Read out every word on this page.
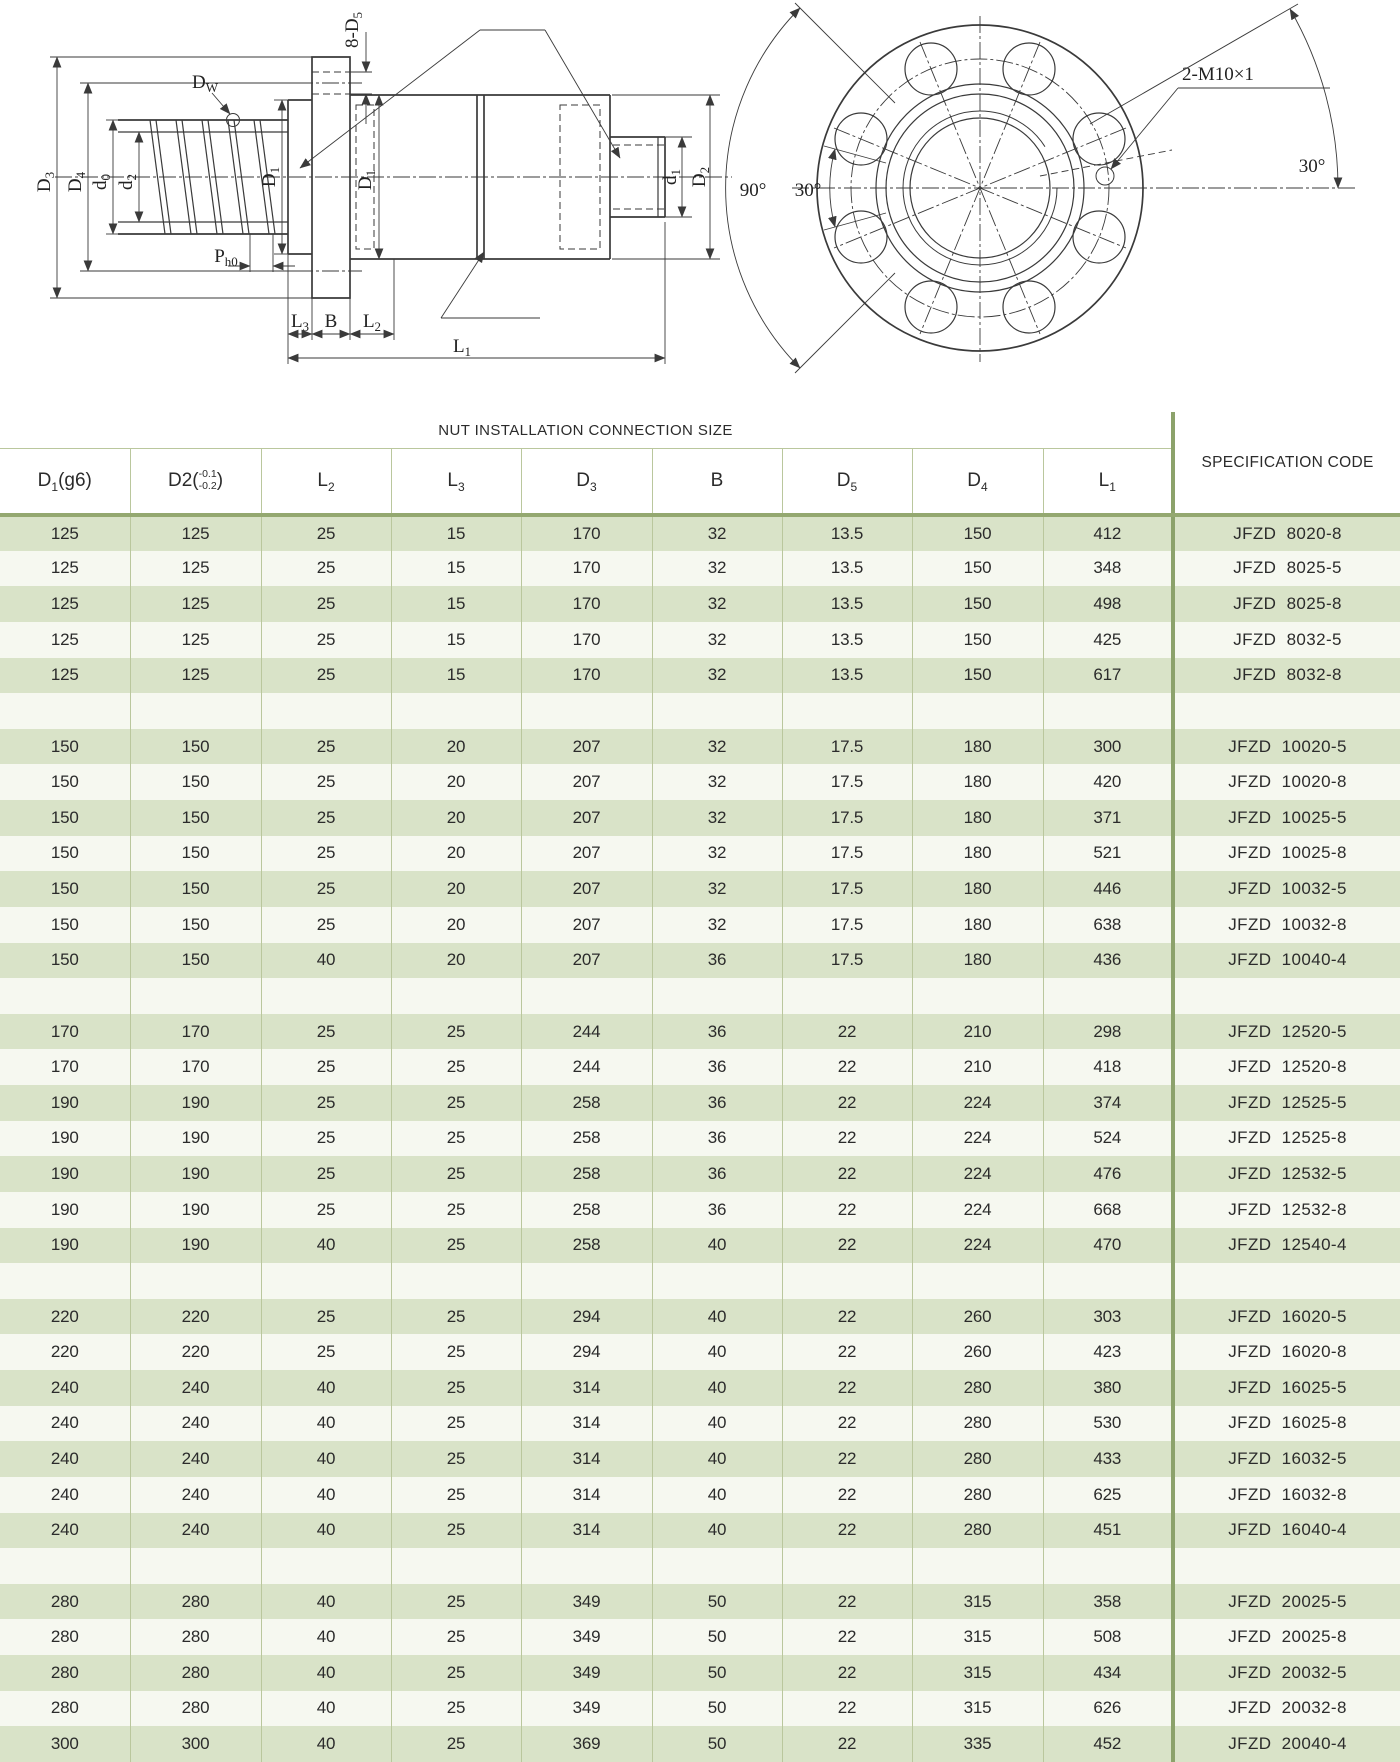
$D_W$
$8-D_5$
$D_3$
$D_4$
$d_0$
$d_2$	$D_1$
$D_1$
$P_{h0}$
$L_3$ B $L_2$
$L_1$
$d_1$
$D_2$
2-M10×1
30°
90° 30°
NUT INSTALLATION CONNECTION SIZE									SPECIFICATION CODE
$D_1(g6)$	D2( -0.1
-0.2 )	$L_2$	$L_3$	$D_3$	B	$D_5$	$D_4$	$L_1$
125	125	25	15	170	32	13.5	150	412	JFZD  8020-8
125	125	25	15	170	32	13.5	150	348	JFZD  8025-5
125	125	25	15	170	32	13.5	150	498	JFZD  8025-8
125	125	25	15	170	32	13.5	150	425	JFZD  8032-5
125	125	25	15	170	32	13.5	150	617	JFZD  8032-8

150	150	25	20	207	32	17.5	180	300	JFZD  10020-5
150	150	25	20	207	32	17.5	180	420	JFZD  10020-8
150	150	25	20	207	32	17.5	180	371	JFZD  10025-5
150	150	25	20	207	32	17.5	180	521	JFZD  10025-8
150	150	25	20	207	32	17.5	180	446	JFZD  10032-5
150	150	25	20	207	32	17.5	180	638	JFZD  10032-8
150	150	40	20	207	36	17.5	180	436	JFZD  10040-4

170	170	25	25	244	36	22	210	298	JFZD  12520-5
170	170	25	25	244	36	22	210	418	JFZD  12520-8
190	190	25	25	258	36	22	224	374	JFZD  12525-5
190	190	25	25	258	36	22	224	524	JFZD  12525-8
190	190	25	25	258	36	22	224	476	JFZD  12532-5
190	190	25	25	258	36	22	224	668	JFZD  12532-8
190	190	40	25	258	40	22	224	470	JFZD  12540-4

220	220	25	25	294	40	22	260	303	JFZD  16020-5
220	220	25	25	294	40	22	260	423	JFZD  16020-8
240	240	40	25	314	40	22	280	380	JFZD  16025-5
240	240	40	25	314	40	22	280	530	JFZD  16025-8
240	240	40	25	314	40	22	280	433	JFZD  16032-5
240	240	40	25	314	40	22	280	625	JFZD  16032-8
240	240	40	25	314	40	22	280	451	JFZD  16040-4

280	280	40	25	349	50	22	315	358	JFZD  20025-5
280	280	40	25	349	50	22	315	508	JFZD  20025-8
280	280	40	25	349	50	22	315	434	JFZD  20032-5
280	280	40	25	349	50	22	315	626	JFZD  20032-8
300	300	40	25	369	50	22	335	452	JFZD  20040-4
